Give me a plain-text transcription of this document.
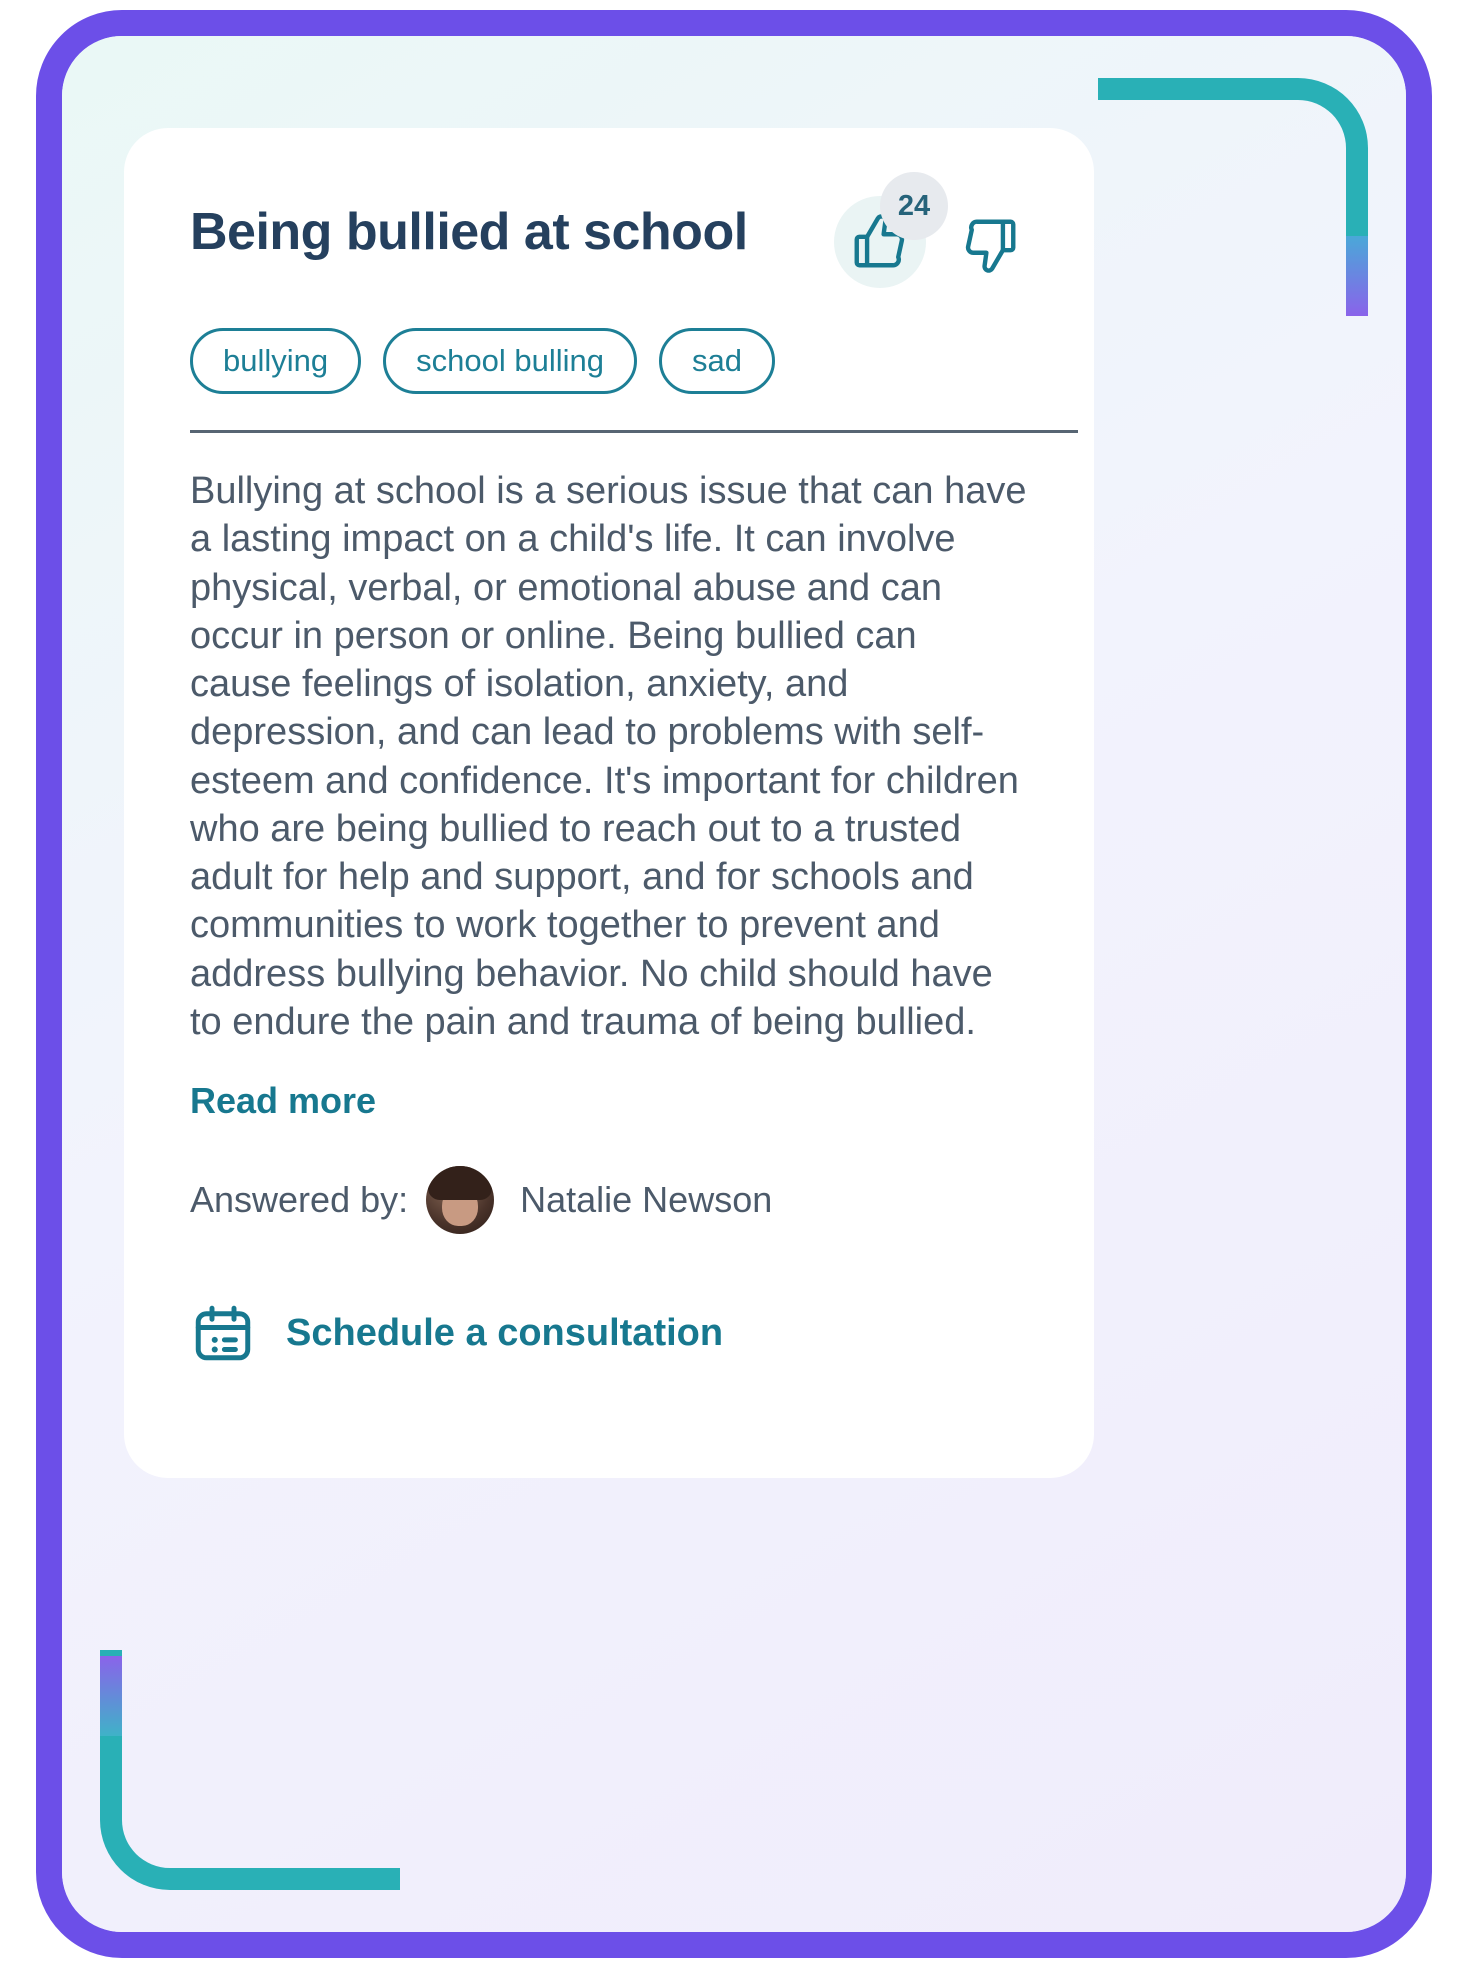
Being bullied at school	24
bullying	school bulling	sad
Bullying at school is a serious issue that can have a lasting impact on a child's life. It can involve physical, verbal, or emotional abuse and can occur in person or online. Being bullied can cause feelings of isolation, anxiety, and depression, and can lead to problems with self-esteem and confidence. It's important for children who are being bullied to reach out to a trusted adult for help and support, and for schools and communities to work together to prevent and address bullying behavior. No child should have to endure the pain and trauma of being bullied.
Read more
Answered by:	Natalie Newson
Schedule a consultation
